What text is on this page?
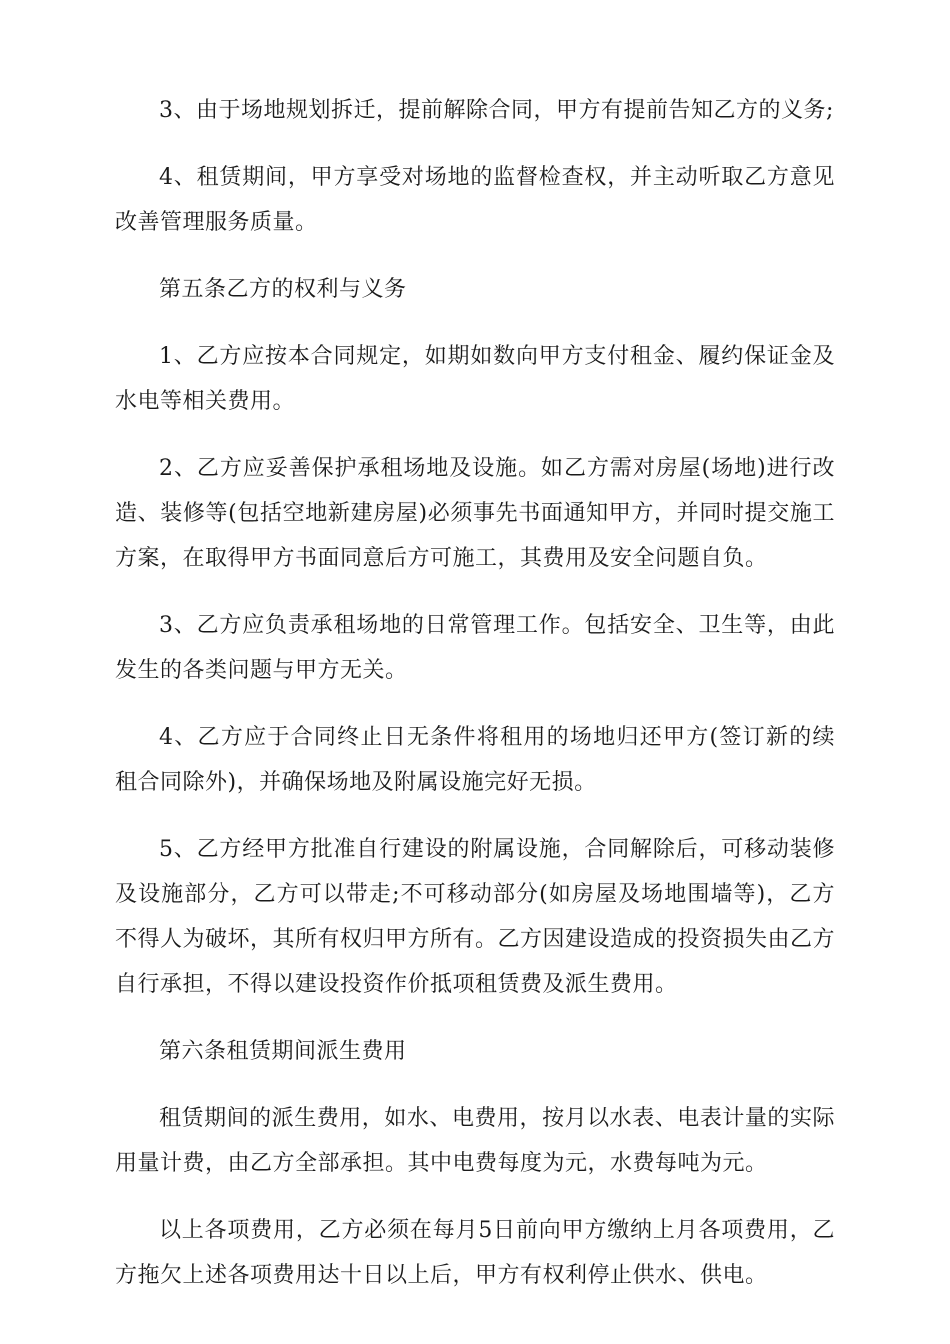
3、由于场地规划拆迁，提前解除合同，甲方有提前告知乙方的义务;

4、租赁期间，甲方享受对场地的监督检查权，并主动听取乙方意见改善管理服务质量。

第五条乙方的权利与义务

1、乙方应按本合同规定，如期如数向甲方支付租金、履约保证金及水电等相关费用。

2、乙方应妥善保护承租场地及设施。如乙方需对房屋(场地)进行改造、装修等(包括空地新建房屋)必须事先书面通知甲方，并同时提交施工方案，在取得甲方书面同意后方可施工，其费用及安全问题自负。

3、乙方应负责承租场地的日常管理工作。包括安全、卫生等，由此发生的各类问题与甲方无关。

4、乙方应于合同终止日无条件将租用的场地归还甲方(签订新的续租合同除外)，并确保场地及附属设施完好无损。

5、乙方经甲方批准自行建设的附属设施，合同解除后，可移动装修及设施部分，乙方可以带走;不可移动部分(如房屋及场地围墙等)，乙方不得人为破坏，其所有权归甲方所有。乙方因建设造成的投资损失由乙方自行承担，不得以建设投资作价抵项租赁费及派生费用。

第六条租赁期间派生费用

租赁期间的派生费用，如水、电费用，按月以水表、电表计量的实际用量计费，由乙方全部承担。其中电费每度为元，水费每吨为元。

以上各项费用，乙方必须在每月5日前向甲方缴纳上月各项费用，乙方拖欠上述各项费用达十日以上后，甲方有权利停止供水、供电。
